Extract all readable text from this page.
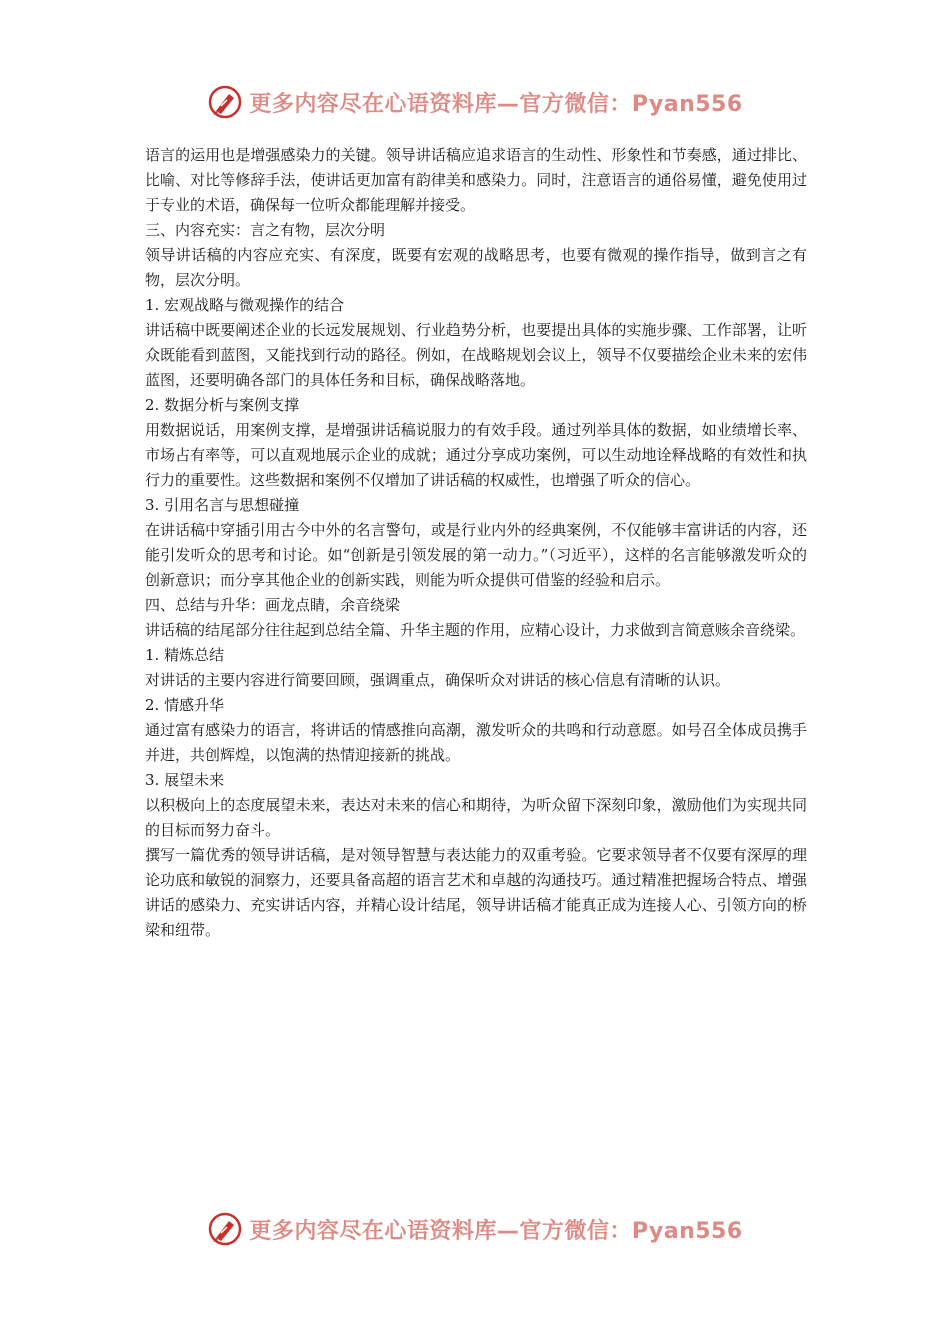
更多内容尽在心语资料库—官方微信：Pyan556

语言的运用也是增强感染力的关键。领导讲话稿应追求语言的生动性、形象性和节奏感，通过排比、比喻、对比等修辞手法，使讲话更加富有韵律美和感染力。同时，注意语言的通俗易懂，避免使用过于专业的术语，确保每一位听众都能理解并接受。

三、内容充实：言之有物，层次分明

领导讲话稿的内容应充实、有深度，既要有宏观的战略思考，也要有微观的操作指导，做到言之有物，层次分明。

1. 宏观战略与微观操作的结合

讲话稿中既要阐述企业的长远发展规划、行业趋势分析，也要提出具体的实施步骤、工作部署，让听众既能看到蓝图，又能找到行动的路径。例如，在战略规划会议上，领导不仅要描绘企业未来的宏伟蓝图，还要明确各部门的具体任务和目标，确保战略落地。

2. 数据分析与案例支撑

用数据说话，用案例支撑，是增强讲话稿说服力的有效手段。通过列举具体的数据，如业绩增长率、市场占有率等，可以直观地展示企业的成就；通过分享成功案例，可以生动地诠释战略的有效性和执行力的重要性。这些数据和案例不仅增加了讲话稿的权威性，也增强了听众的信心。

3. 引用名言与思想碰撞

在讲话稿中穿插引用古今中外的名言警句，或是行业内外的经典案例，不仅能够丰富讲话的内容，还能引发听众的思考和讨论。如“创新是引领发展的第一动力。”（习近平），这样的名言能够激发听众的创新意识；而分享其他企业的创新实践，则能为听众提供可借鉴的经验和启示。

四、总结与升华：画龙点睛，余音绕梁

讲话稿的结尾部分往往起到总结全篇、升华主题的作用，应精心设计，力求做到言简意赅余音绕梁。

1. 精炼总结

对讲话的主要内容进行简要回顾，强调重点，确保听众对讲话的核心信息有清晰的认识。

2. 情感升华

通过富有感染力的语言，将讲话的情感推向高潮，激发听众的共鸣和行动意愿。如号召全体成员携手并进，共创辉煌，以饱满的热情迎接新的挑战。

3. 展望未来

以积极向上的态度展望未来，表达对未来的信心和期待，为听众留下深刻印象，激励他们为实现共同的目标而努力奋斗。

撰写一篇优秀的领导讲话稿，是对领导智慧与表达能力的双重考验。它要求领导者不仅要有深厚的理论功底和敏锐的洞察力，还要具备高超的语言艺术和卓越的沟通技巧。通过精准把握场合特点、增强讲话的感染力、充实讲话内容，并精心设计结尾，领导讲话稿才能真正成为连接人心、引领方向的桥梁和纽带。

更多内容尽在心语资料库—官方微信：Pyan556
